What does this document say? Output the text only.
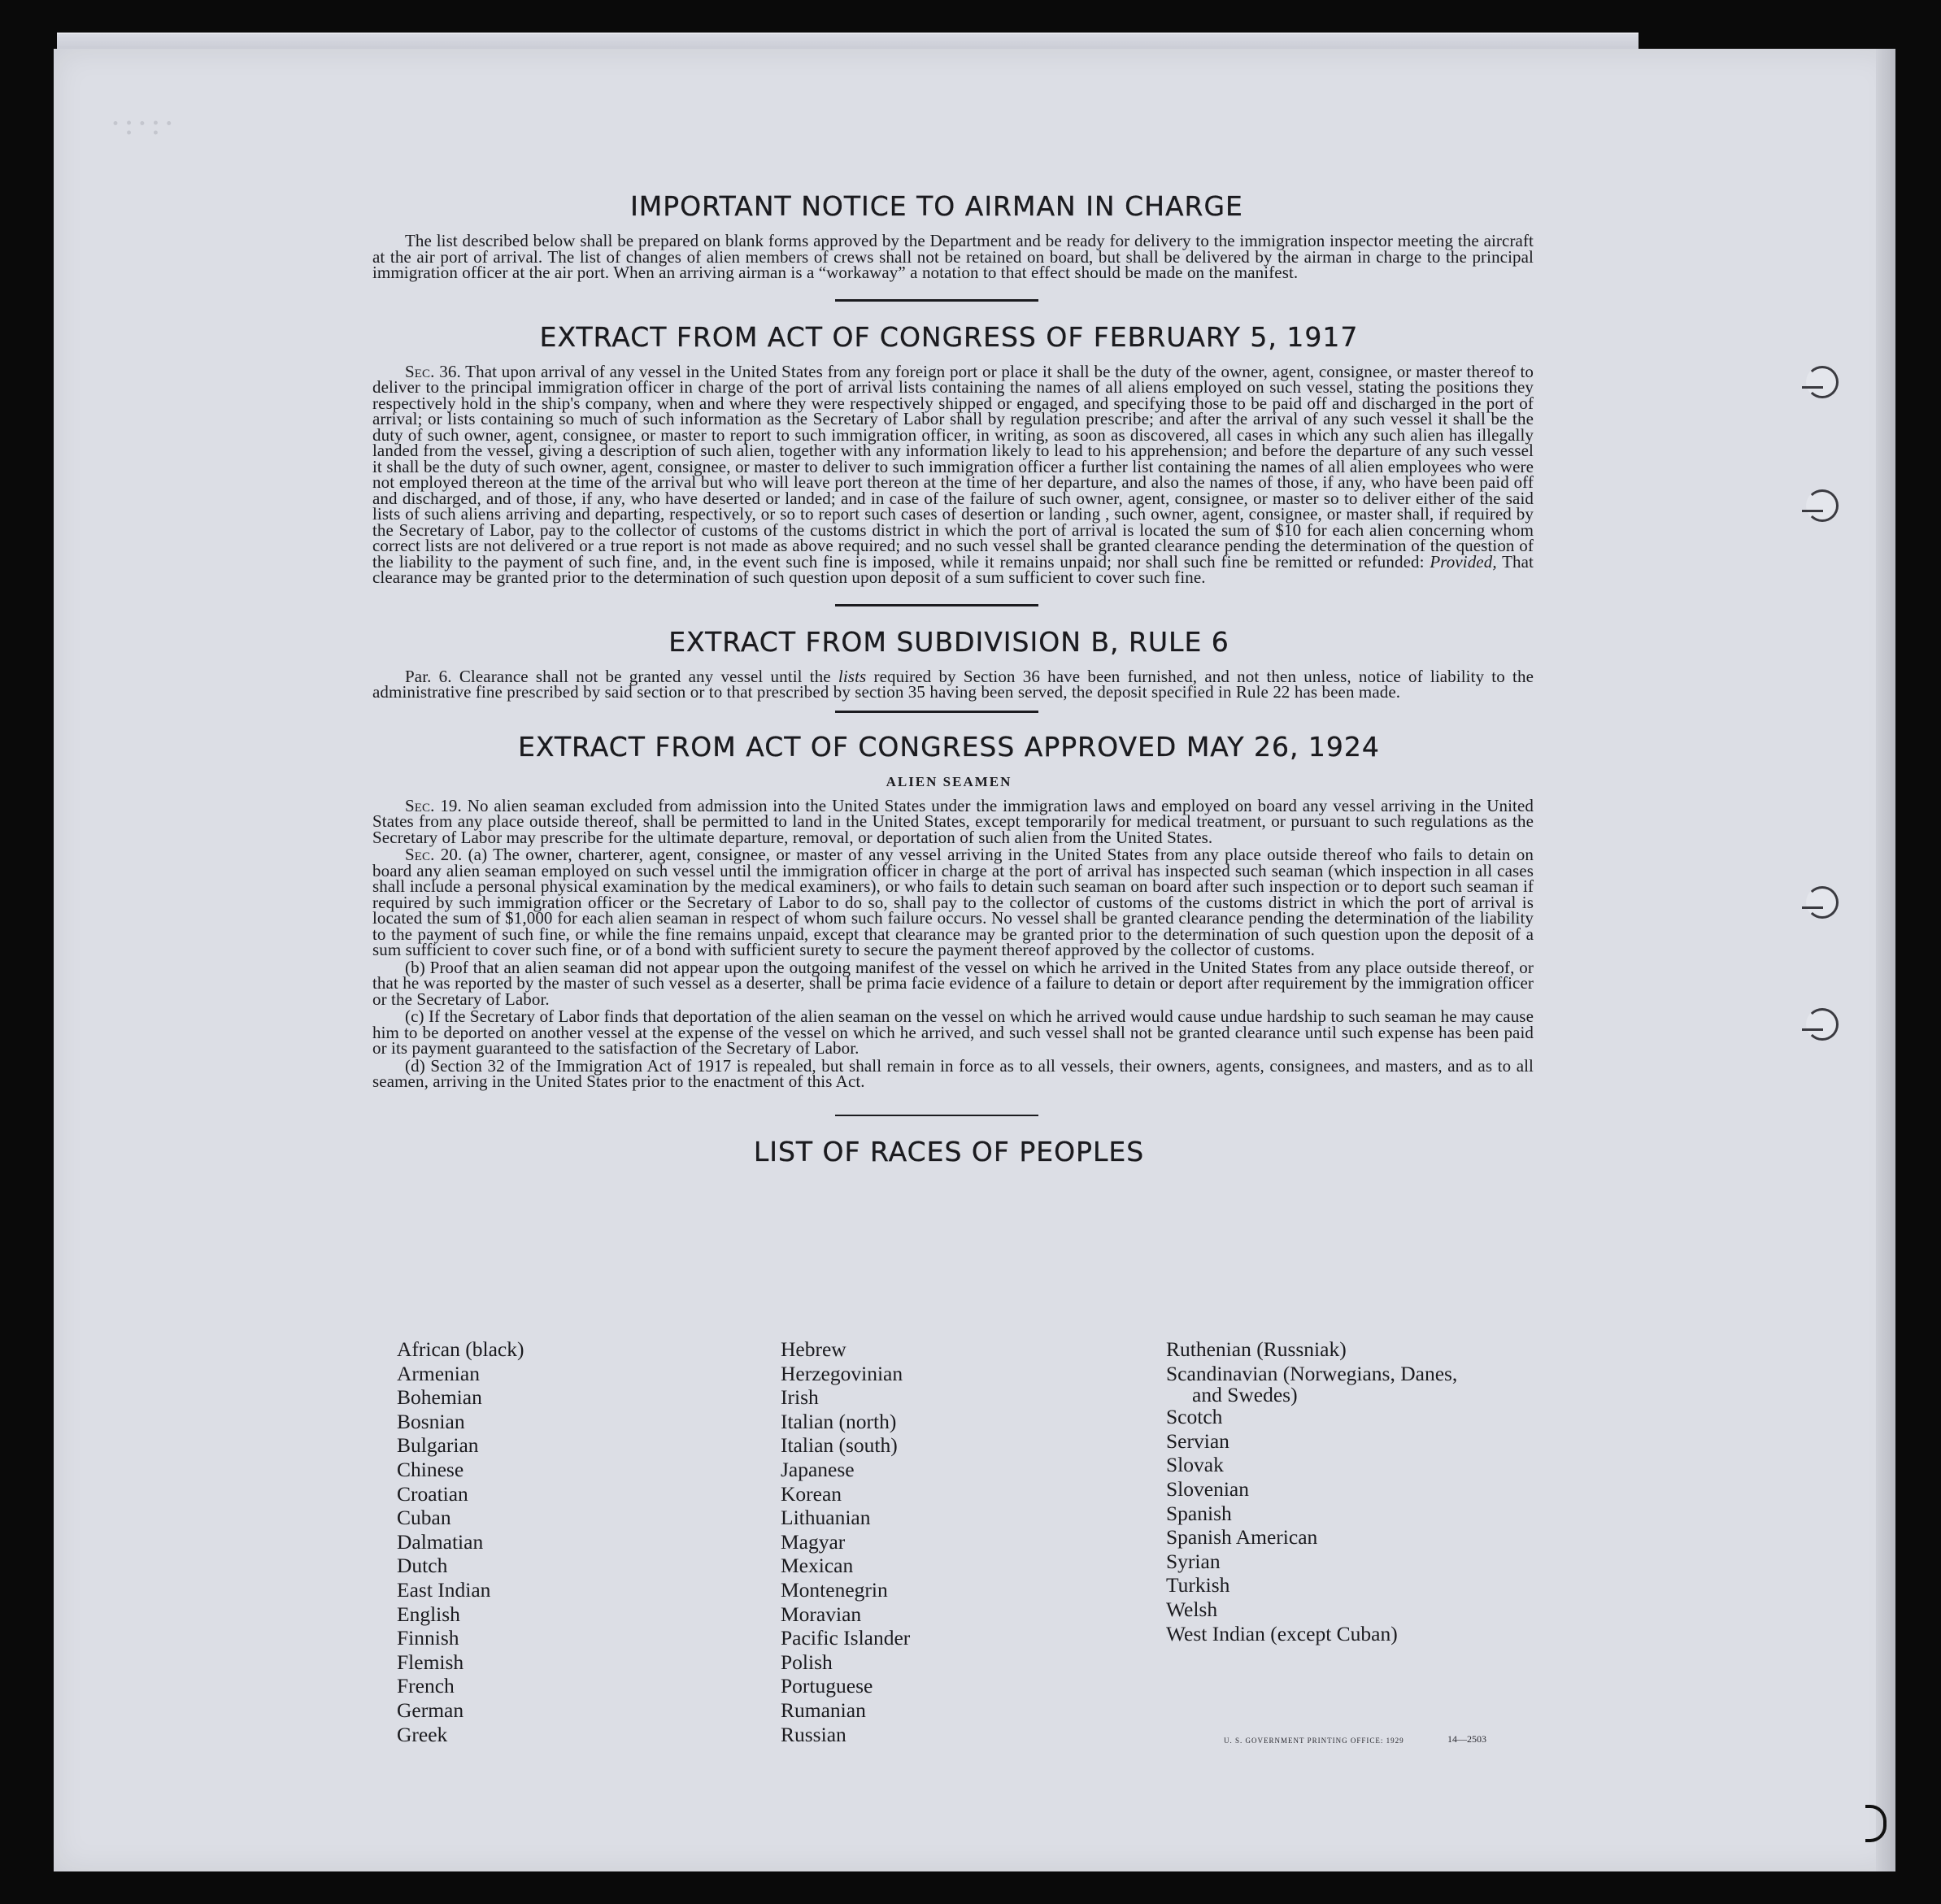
·:·:·
IMPORTANT NOTICE TO AIRMAN IN CHARGE

The list described below shall be prepared on blank forms approved by the Department and be ready for delivery to the immigration inspector meeting the aircraft at the air port of arrival. The list of changes of alien members of crews shall not be retained on board, but shall be delivered by the airman in charge to the principal immigration officer at the air port. When an arriving airman is a “workaway” a notation to that effect should be made on the manifest.

EXTRACT FROM ACT OF CONGRESS OF FEBRUARY 5, 1917

Sec. 36. That upon arrival of any vessel in the United States from any foreign port or place it shall be the duty of the owner, agent, consignee, or master thereof to deliver to the principal immigration officer in charge of the port of arrival lists containing the names of all aliens employed on such vessel, stating the positions they respectively hold in the ship's company, when and where they were respectively shipped or engaged, and specifying those to be paid off and discharged in the port of arrival; or lists containing so much of such information as the Secretary of Labor shall by regulation prescribe; and after the arrival of any such vessel it shall be the duty of such owner, agent, consignee, or master to report to such immigration officer, in writing, as soon as discovered, all cases in which any such alien has illegally landed from the vessel, giving a description of such alien, together with any information likely to lead to his apprehension; and before the departure of any such vessel it shall be the duty of such owner, agent, consignee, or master to deliver to such immigration officer a further list containing the names of all alien employees who were not employed thereon at the time of the arrival but who will leave port thereon at the time of her departure, and also the names of those, if any, who have been paid off and discharged, and of those, if any, who have deserted or landed; and in case of the failure of such owner, agent, consignee, or master so to deliver either of the said lists of such aliens arriving and departing, respectively, or so to report such cases of desertion or landing , such owner, agent, consignee, or master shall, if required by the Secretary of Labor, pay to the collector of customs of the customs district in which the port of arrival is located the sum of $10 for each alien concerning whom correct lists are not delivered or a true report is not made as above required; and no such vessel shall be granted clearance pending the determination of the question of the liability to the payment of such fine, and, in the event such fine is imposed, while it remains unpaid; nor shall such fine be remitted or refunded: Provided, That clearance may be granted prior to the determination of such question upon deposit of a sum sufficient to cover such fine.

EXTRACT FROM SUBDIVISION B, RULE 6

Par. 6. Clearance shall not be granted any vessel until the lists required by Section 36 have been furnished, and not then unless, notice of liability to the administrative fine prescribed by said section or to that prescribed by section 35 having been served, the deposit specified in Rule 22 has been made.

EXTRACT FROM ACT OF CONGRESS APPROVED MAY 26, 1924
ALIEN SEAMEN

Sec. 19. No alien seaman excluded from admission into the United States under the immigration laws and employed on board any vessel arriving in the United States from any place outside thereof, shall be permitted to land in the United States, except temporarily for medical treatment, or pursuant to such regulations as the Secretary of Labor may prescribe for the ultimate departure, removal, or deportation of such alien from the United States.

Sec. 20. (a) The owner, charterer, agent, consignee, or master of any vessel arriving in the United States from any place outside thereof who fails to detain on board any alien seaman employed on such vessel until the immigration officer in charge at the port of arrival has inspected such seaman (which inspection in all cases shall include a personal physical examination by the medical examiners), or who fails to detain such seaman on board after such inspection or to deport such seaman if required by such immigration officer or the Secretary of Labor to do so, shall pay to the collector of customs of the customs district in which the port of arrival is located the sum of $1,000 for each alien seaman in respect of whom such failure occurs. No vessel shall be granted clearance pending the determination of the liability to the payment of such fine, or while the fine remains unpaid, except that clearance may be granted prior to the determination of such question upon the deposit of a sum sufficient to cover such fine, or of a bond with sufficient surety to secure the payment thereof approved by the collector of customs.

(b) Proof that an alien seaman did not appear upon the outgoing manifest of the vessel on which he arrived in the United States from any place outside thereof, or that he was reported by the master of such vessel as a deserter, shall be prima facie evidence of a failure to detain or deport after requirement by the immigration officer or the Secretary of Labor.

(c) If the Secretary of Labor finds that deportation of the alien seaman on the vessel on which he arrived would cause undue hardship to such seaman he may cause him to be deported on another vessel at the expense of the vessel on which he arrived, and such vessel shall not be granted clearance until such expense has been paid or its payment guaranteed to the satisfaction of the Secretary of Labor.

(d) Section 32 of the Immigration Act of 1917 is repealed, but shall remain in force as to all vessels, their owners, agents, consignees, and masters, and as to all seamen, arriving in the United States prior to the enactment of this Act.

LIST OF RACES OF PEOPLES
African (black)
Armenian
Bohemian
Bosnian
Bulgarian
Chinese
Croatian
Cuban
Dalmatian
Dutch
East Indian
English
Finnish
Flemish
French
German
Greek
Hebrew
Herzegovinian
Irish
Italian (north)
Italian (south)
Japanese
Korean
Lithuanian
Magyar
Mexican
Montenegrin
Moravian
Pacific Islander
Polish
Portuguese
Rumanian
Russian
Ruthenian (Russniak)
Scandinavian (Norwegians, Danes,
and Swedes)
Scotch
Servian
Slovak
Slovenian
Spanish
Spanish American
Syrian
Turkish
Welsh
West Indian (except Cuban)
U. S. GOVERNMENT PRINTING OFFICE: 1929	14—2503
